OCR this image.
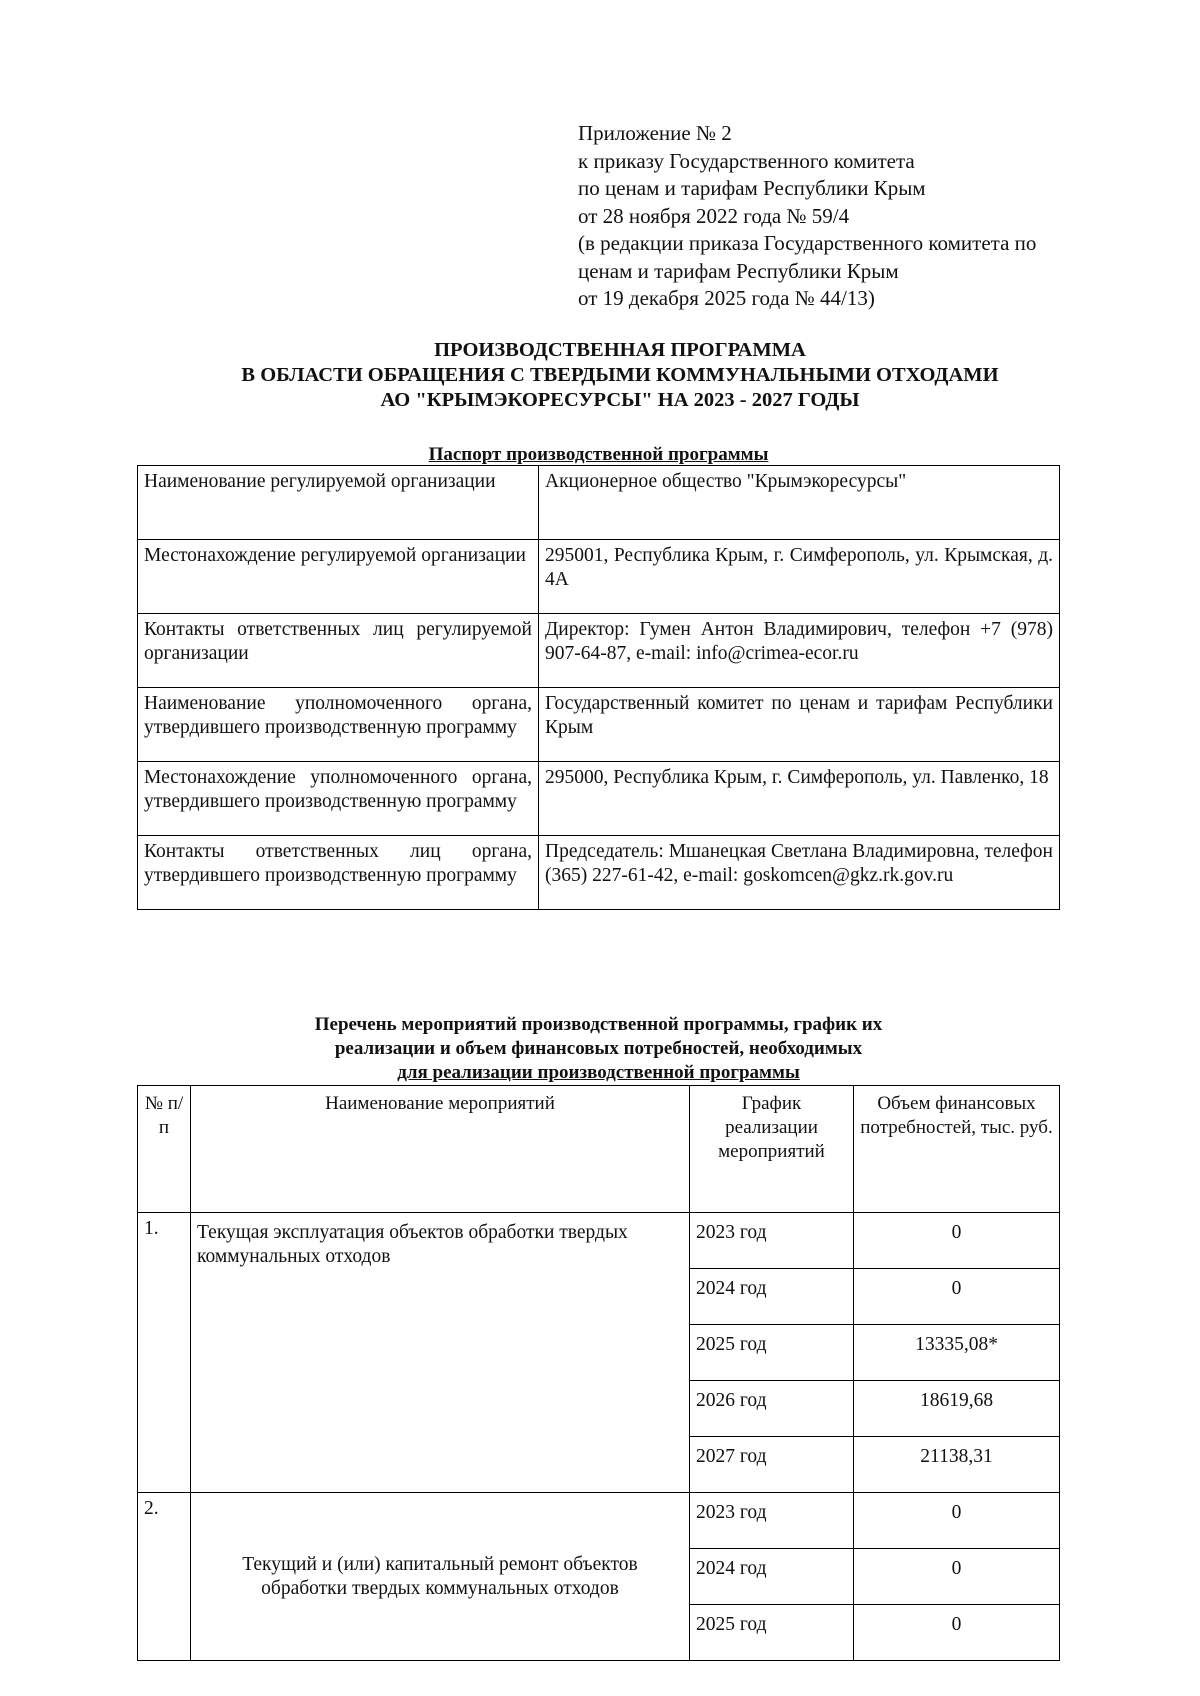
Приложение № 2
к приказу Государственного комитета
по ценам и тарифам Республики Крым
от 28 ноября 2022 года № 59/4
(в редакции приказа Государственного комитета по
ценам и тарифам Республики Крым
от 19 декабря 2025 года № 44/13)
ПРОИЗВОДСТВЕННАЯ ПРОГРАММА
В ОБЛАСТИ ОБРАЩЕНИЯ С ТВЕРДЫМИ КОММУНАЛЬНЫМИ ОТХОДАМИ
АО "КРЫМЭКОРЕСУРСЫ" НА 2023 - 2027 ГОДЫ
Паспорт производственной программы
Наименование регулируемой организации	Акционерное общество "Крымэкоресурсы"
Местонахождение регулируемой организации	295001, Республика Крым, г. Симферополь, ул. Крымская, д. 4А
Контакты ответственных лиц регулируемой организации	Директор: Гумен Антон Владимирович, телефон +7 (978) 907-64-87, e-mail: info@crimea-ecor.ru
Наименование уполномоченного органа, утвердившего производственную программу	Государственный комитет по ценам и тарифам Республики Крым
Местонахождение уполномоченного органа, утвердившего производственную программу	295000, Республика Крым, г. Симферополь, ул. Павленко, 18
Контакты ответственных лиц органа, утвердившего производственную программу	Председатель: Мшанецкая Светлана Владимировна, телефон (365) 227-61-42, e-mail: goskomcen@gkz.rk.gov.ru
Перечень мероприятий производственной программы, график их
реализации и объем финансовых потребностей, необходимых
для реализации производственной программы
№ п/п	Наименование мероприятий	График реализации мероприятий	Объем финансовых потребностей, тыс. руб.
1.	Текущая эксплуатация объектов обработки твердых коммунальных отходов	2023 год	0
		2024 год	0
		2025 год	13335,08*
		2026 год	18619,68
		2027 год	21138,31
2.	Текущий и (или) капитальный ремонт объектов обработки твердых коммунальных отходов	2023 год	0
		2024 год	0
		2025 год	0
